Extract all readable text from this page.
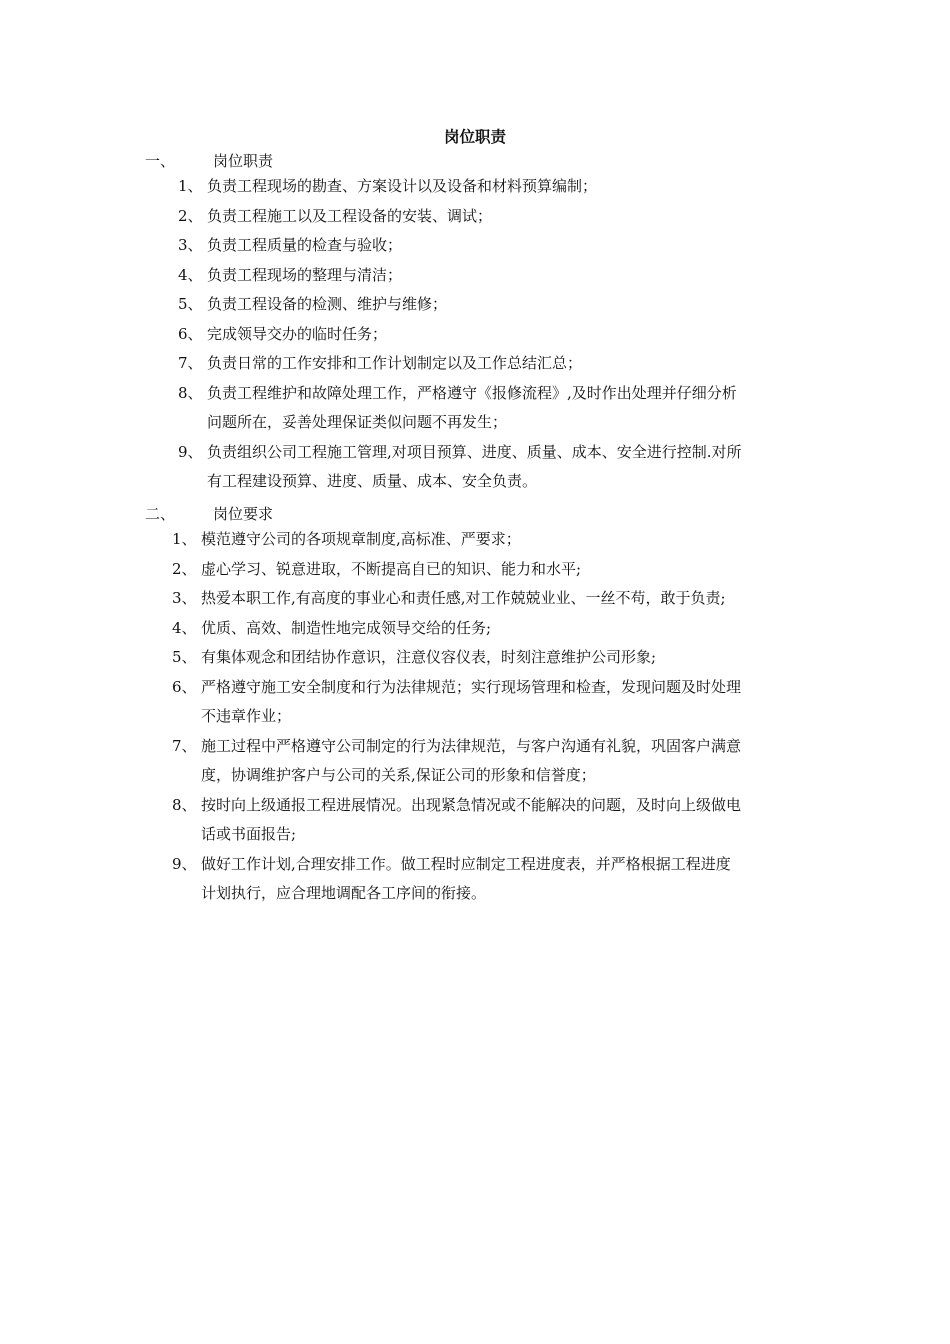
岗位职责
一、	岗位职责
1、 负责工程现场的勘查、方案设计以及设备和材料预算编制；
2、 负责工程施工以及工程设备的安装、调试；
3、 负责工程质量的检查与验收；
4、 负责工程现场的整理与清洁；
5、 负责工程设备的检测、维护与维修；
6、 完成领导交办的临时任务；
7、 负责日常的工作安排和工作计划制定以及工作总结汇总；
8、 负责工程维护和故障处理工作，严格遵守《报修流程》,及时作出处理并仔细分析
问题所在，妥善处理保证类似问题不再发生；
9、 负责组织公司工程施工管理,对项目预算、进度、质量、成本、安全进行控制.对所
有工程建设预算、进度、质量、成本、安全负责。
二、	岗位要求
1、 模范遵守公司的各项规章制度,高标准、严要求；
2、 虚心学习、锐意进取，不断提高自已的知识、能力和水平;
3、 热爱本职工作,有高度的事业心和责任感,对工作兢兢业业、一丝不苟，敢于负责;
4、 优质、高效、制造性地完成领导交给的任务;
5、 有集体观念和团结协作意识，注意仪容仪表，时刻注意维护公司形象;
6、 严格遵守施工安全制度和行为法律规范；实行现场管理和检查，发现问题及时处理
不违章作业；
7、 施工过程中严格遵守公司制定的行为法律规范，与客户沟通有礼貌，巩固客户满意
度，协调维护客户与公司的关系,保证公司的形象和信誉度；
8、 按时向上级通报工程进展情况。出现紧急情况或不能解决的问题，及时向上级做电
话或书面报告;
9、 做好工作计划,合理安排工作。做工程时应制定工程进度表，并严格根据工程进度
计划执行，应合理地调配各工序间的衔接。
